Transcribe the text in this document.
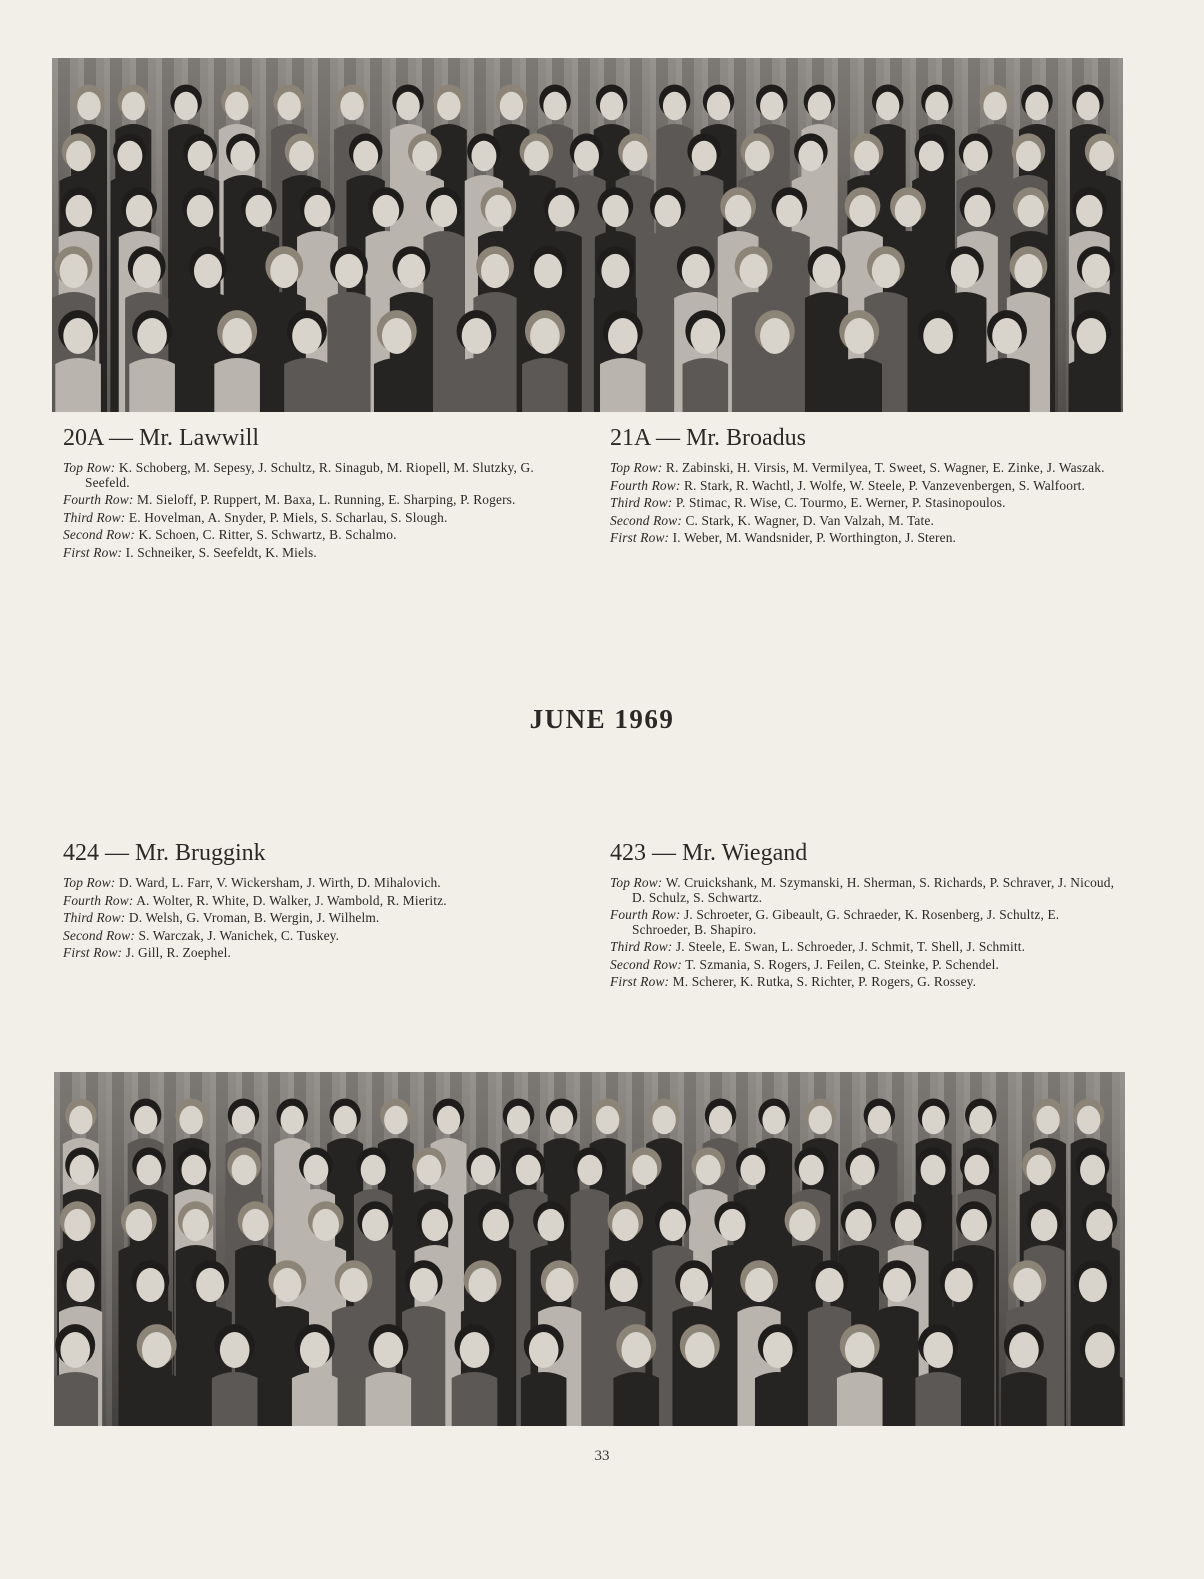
20A — Mr. Lawwill

Top Row: K. Schoberg, M. Sepesy, J. Schultz, R. Sinagub, M. Riopell, M. Slutzky, G. Seefeld.

Fourth Row: M. Sieloff, P. Ruppert, M. Baxa, L. Running, E. Sharping, P. Rogers.

Third Row: E. Hovelman, A. Snyder, P. Miels, S. Scharlau, S. Slough.

Second Row: K. Schoen, C. Ritter, S. Schwartz, B. Schalmo.

First Row: I. Schneiker, S. Seefeldt, K. Miels.

21A — Mr. Broadus

Top Row: R. Zabinski, H. Virsis, M. Vermilyea, T. Sweet, S. Wagner, E. Zinke, J. Waszak.

Fourth Row: R. Stark, R. Wachtl, J. Wolfe, W. Steele, P. Vanzevenbergen, S. Walfoort.

Third Row: P. Stimac, R. Wise, C. Tourmo, E. Werner, P. Stasinopoulos.

Second Row: C. Stark, K. Wagner, D. Van Valzah, M. Tate.

First Row: I. Weber, M. Wandsnider, P. Worthington, J. Steren.

JUNE 1969
424 — Mr. Bruggink

Top Row: D. Ward, L. Farr, V. Wickersham, J. Wirth, D. Mihalovich.

Fourth Row: A. Wolter, R. White, D. Walker, J. Wambold, R. Mieritz.

Third Row: D. Welsh, G. Vroman, B. Wergin, J. Wilhelm.

Second Row: S. Warczak, J. Wanichek, C. Tuskey.

First Row: J. Gill, R. Zoephel.

423 — Mr. Wiegand

Top Row: W. Cruickshank, M. Szymanski, H. Sherman, S. Richards, P. Schraver, J. Nicoud, D. Schulz, S. Schwartz.

Fourth Row: J. Schroeter, G. Gibeault, G. Schraeder, K. Rosenberg, J. Schultz, E. Schroeder, B. Shapiro.

Third Row: J. Steele, E. Swan, L. Schroeder, J. Schmit, T. Shell, J. Schmitt.

Second Row: T. Szmania, S. Rogers, J. Feilen, C. Steinke, P. Schendel.

First Row: M. Scherer, K. Rutka, S. Richter, P. Rogers, G. Rossey.

33
